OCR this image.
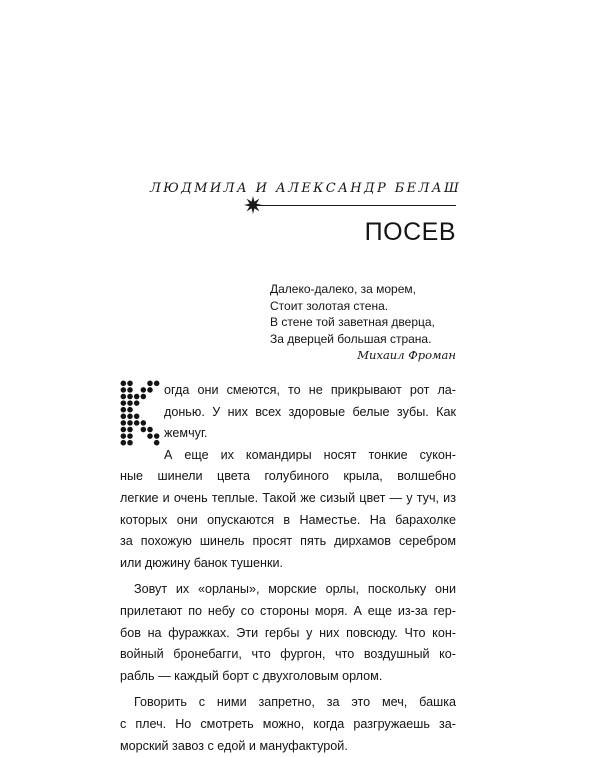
ЛЮДМИЛА И АЛЕКСАНДР БЕЛАШ
ПОСЕВ
Далеко-далеко, за морем,
Стоит золотая стена.
В стене той заветная дверца,
За дверцей большая страна.
Михаил Фроман
огда они смеются, то не прикрывают рот ла-
донью. У них всех здоровые белые зубы. Как
жемчуг.
А еще их командиры носят тонкие сукон-
ные шинели цвета голубиного крыла, волшебно
легкие и очень теплые. Такой же сизый цвет — у туч, из
которых они опускаются в Наместье. На барахолке
за похожую шинель просят пять дирхамов серебром
или дюжину банок тушенки.
Зовут их «орланы», морские орлы, поскольку они
прилетают по небу со стороны моря. А еще из-за гер-
бов на фуражках. Эти гербы у них повсюду. Что кон-
войный бронебагги, что фургон, что воздушный ко-
рабль — каждый борт с двухголовым орлом.
Говорить с ними запретно, за это меч, башка
с плеч. Но смотреть можно, когда разгружаешь за-
морский завоз с едой и мануфактурой.
